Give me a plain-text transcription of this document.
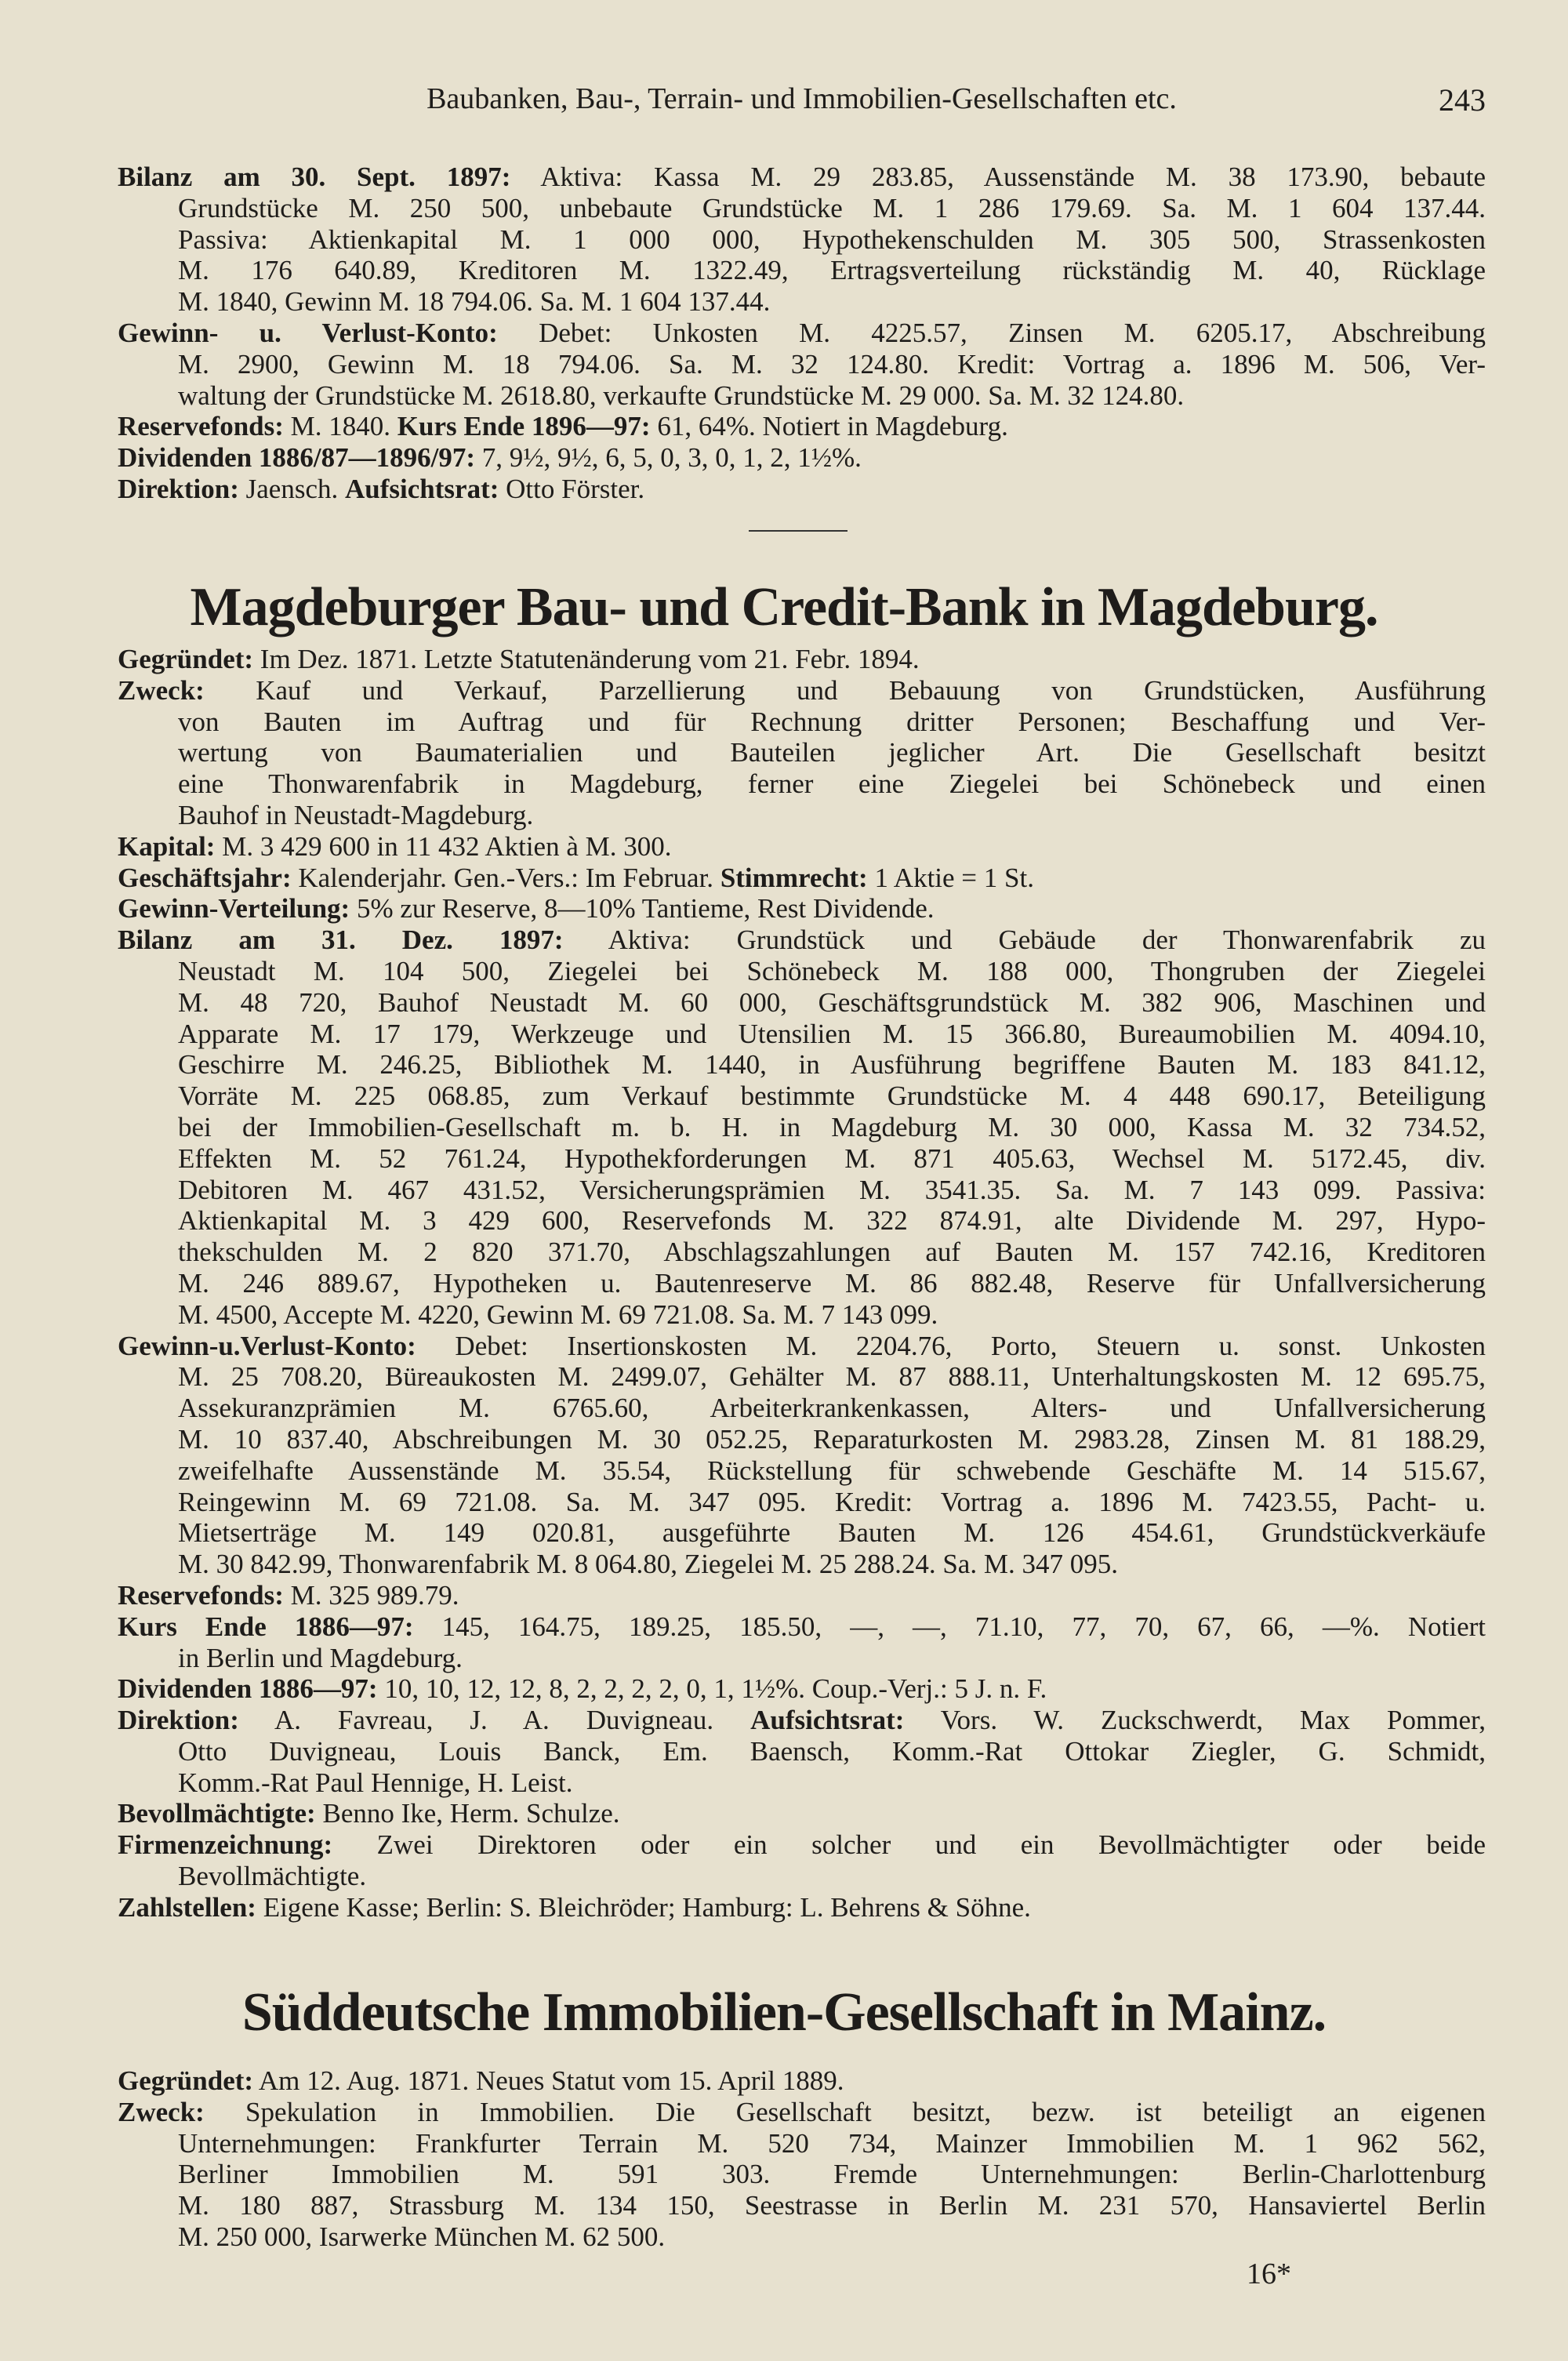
Baubanken, Bau-, Terrain- und Immobilien-Gesellschaften etc.	243
Bilanz am 30. Sept. 1897: Aktiva: Kassa M. 29 283.85, Aussenstände M. 38 173.90, bebaute
Grundstücke M. 250 500, unbebaute Grundstücke M. 1 286 179.69. Sa. M. 1 604 137.44.
Passiva: Aktienkapital M. 1 000 000, Hypothekenschulden M. 305 500, Strassenkosten
M. 176 640.89, Kreditoren M. 1322.49, Ertragsverteilung rückständig M. 40, Rücklage
M. 1840, Gewinn M. 18 794.06. Sa. M. 1 604 137.44.
Gewinn- u. Verlust-Konto: Debet: Unkosten M. 4225.57, Zinsen M. 6205.17, Abschreibung
M. 2900, Gewinn M. 18 794.06. Sa. M. 32 124.80. Kredit: Vortrag a. 1896 M. 506, Ver-
waltung der Grundstücke M. 2618.80, verkaufte Grundstücke M. 29 000. Sa. M. 32 124.80.
Reservefonds: M. 1840. Kurs Ende 1896—97: 61, 64%. Notiert in Magdeburg.
Dividenden 1886/87—1896/97: 7, 9½, 9½, 6, 5, 0, 3, 0, 1, 2, 1½%.
Direktion: Jaensch. Aufsichtsrat: Otto Förster.
Magdeburger Bau- und Credit-Bank in Magdeburg.
Gegründet: Im Dez. 1871. Letzte Statutenänderung vom 21. Febr. 1894.
Zweck: Kauf und Verkauf, Parzellierung und Bebauung von Grundstücken, Ausführung
von Bauten im Auftrag und für Rechnung dritter Personen; Beschaffung und Ver-
wertung von Baumaterialien und Bauteilen jeglicher Art. Die Gesellschaft besitzt
eine Thonwarenfabrik in Magdeburg, ferner eine Ziegelei bei Schönebeck und einen
Bauhof in Neustadt-Magdeburg.
Kapital: M. 3 429 600 in 11 432 Aktien à M. 300.
Geschäftsjahr: Kalenderjahr. Gen.-Vers.: Im Februar. Stimmrecht: 1 Aktie = 1 St.
Gewinn-Verteilung: 5% zur Reserve, 8—10% Tantieme, Rest Dividende.
Bilanz am 31. Dez. 1897: Aktiva: Grundstück und Gebäude der Thonwarenfabrik zu
Neustadt M. 104 500, Ziegelei bei Schönebeck M. 188 000, Thongruben der Ziegelei
M. 48 720, Bauhof Neustadt M. 60 000, Geschäftsgrundstück M. 382 906, Maschinen und
Apparate M. 17 179, Werkzeuge und Utensilien M. 15 366.80, Bureaumobilien M. 4094.10,
Geschirre M. 246.25, Bibliothek M. 1440, in Ausführung begriffene Bauten M. 183 841.12,
Vorräte M. 225 068.85, zum Verkauf bestimmte Grundstücke M. 4 448 690.17, Beteiligung
bei der Immobilien-Gesellschaft m. b. H. in Magdeburg M. 30 000, Kassa M. 32 734.52,
Effekten M. 52 761.24, Hypothekforderungen M. 871 405.63, Wechsel M. 5172.45, div.
Debitoren M. 467 431.52, Versicherungsprämien M. 3541.35. Sa. M. 7 143 099. Passiva:
Aktienkapital M. 3 429 600, Reservefonds M. 322 874.91, alte Dividende M. 297, Hypo-
thekschulden M. 2 820 371.70, Abschlagszahlungen auf Bauten M. 157 742.16, Kreditoren
M. 246 889.67, Hypotheken u. Bautenreserve M. 86 882.48, Reserve für Unfallversicherung
M. 4500, Accepte M. 4220, Gewinn M. 69 721.08. Sa. M. 7 143 099.
Gewinn-u.Verlust-Konto: Debet: Insertionskosten M. 2204.76, Porto, Steuern u. sonst. Unkosten
M. 25 708.20, Büreaukosten M. 2499.07, Gehälter M. 87 888.11, Unterhaltungskosten M. 12 695.75,
Assekuranzprämien M. 6765.60, Arbeiterkrankenkassen, Alters- und Unfallversicherung
M. 10 837.40, Abschreibungen M. 30 052.25, Reparaturkosten M. 2983.28, Zinsen M. 81 188.29,
zweifelhafte Aussenstände M. 35.54, Rückstellung für schwebende Geschäfte M. 14 515.67,
Reingewinn M. 69 721.08. Sa. M. 347 095. Kredit: Vortrag a. 1896 M. 7423.55, Pacht- u.
Mietserträge M. 149 020.81, ausgeführte Bauten M. 126 454.61, Grundstückverkäufe
M. 30 842.99, Thonwarenfabrik M. 8 064.80, Ziegelei M. 25 288.24. Sa. M. 347 095.
Reservefonds: M. 325 989.79.
Kurs Ende 1886—97: 145, 164.75, 189.25, 185.50, —, —, 71.10, 77, 70, 67, 66, —%. Notiert
in Berlin und Magdeburg.
Dividenden 1886—97: 10, 10, 12, 12, 8, 2, 2, 2, 2, 0, 1, 1½%. Coup.-Verj.: 5 J. n. F.
Direktion: A. Favreau, J. A. Duvigneau. Aufsichtsrat: Vors. W. Zuckschwerdt, Max Pommer,
Otto Duvigneau, Louis Banck, Em. Baensch, Komm.-Rat Ottokar Ziegler, G. Schmidt,
Komm.-Rat Paul Hennige, H. Leist.
Bevollmächtigte: Benno Ike, Herm. Schulze.
Firmenzeichnung: Zwei Direktoren oder ein solcher und ein Bevollmächtigter oder beide
Bevollmächtigte.
Zahlstellen: Eigene Kasse; Berlin: S. Bleichröder; Hamburg: L. Behrens & Söhne.
Süddeutsche Immobilien-Gesellschaft in Mainz.
Gegründet: Am 12. Aug. 1871. Neues Statut vom 15. April 1889.
Zweck: Spekulation in Immobilien. Die Gesellschaft besitzt, bezw. ist beteiligt an eigenen
Unternehmungen: Frankfurter Terrain M. 520 734, Mainzer Immobilien M. 1 962 562,
Berliner Immobilien M. 591 303. Fremde Unternehmungen: Berlin-Charlottenburg
M. 180 887, Strassburg M. 134 150, Seestrasse in Berlin M. 231 570, Hansaviertel Berlin
M. 250 000, Isarwerke München M. 62 500.
16*
